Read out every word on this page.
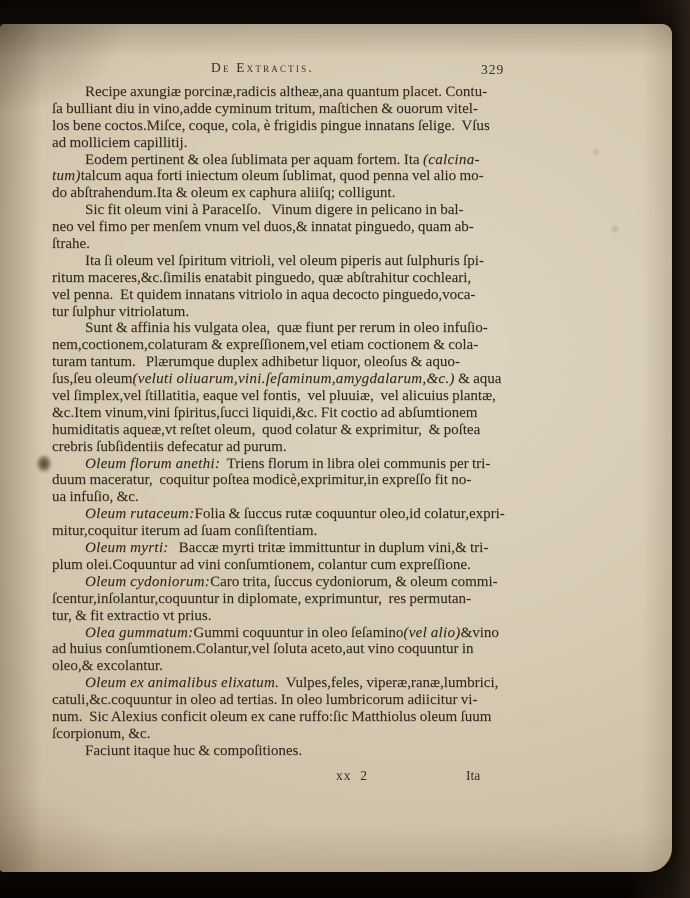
De Extractis.	329
Recipe axungiæ porcinæ,radicis altheæ,ana quantum placet. Contu-
ſa bulliant diu in vino,adde cyminum tritum, maſtichen & ouorum vitel-
los bene coctos.Miſce, coque, cola, è frigidis pingue innatans ſelige.  Vſus
ad molliciem capillitij.
Eodem pertinent & olea ſublimata per aquam fortem. Ita (calcina-
tum)talcum aqua forti iniectum oleum ſublimat, quod penna vel alio mo-
do abſtrahendum.Ita & oleum ex caphura aliiſq; colligunt.
Sic fit oleum vini à Paracelſo.   Vinum digere in pelicano in bal-
neo vel fimo per menſem vnum vel duos,& innatat pinguedo, quam ab-
ſtrahe.
Ita ſi oleum vel ſpiritum vitrioli, vel oleum piperis aut ſulphuris ſpi-
ritum maceres,&c.ſimilis enatabit pinguedo, quæ abſtrahitur cochleari,
vel penna.  Et quidem innatans vitriolo in aqua decocto pinguedo,voca-
tur ſulphur vitriolatum.
Sunt & affinia his vulgata olea,  quæ fiunt per rerum in oleo infuſio-
nem,coctionem,colaturam & expreſſionem,vel etiam coctionem & cola-
turam tantum.   Plærumque duplex adhibetur liquor, oleoſus & aquo-
ſus,ſeu oleum(veluti oliuarum,vini.ſeſaminum,amygdalarum,&c.) & aqua
vel ſimplex,vel ſtillatitia, eaque vel fontis,  vel pluuiæ,  vel alicuius plantæ,
&c.Item vinum,vini ſpiritus,ſucci liquidi,&c. Fit coctio ad abſumtionem
humiditatis aqueæ,vt reſtet oleum,  quod colatur & exprimitur,  & poſtea
crebris ſubſidentiis defecatur ad purum.
Oleum florum anethi:  Triens florum in libra olei communis per tri-
duum maceratur,  coquitur poſtea modicè,exprimitur,in expreſſo fit no-
ua infuſio, &c.
Oleum rutaceum:Folia & ſuccus rutæ coquuntur oleo,id colatur,expri-
mitur,coquitur iterum ad ſuam conſiſtentiam.
Oleum myrti:   Baccæ myrti tritæ immittuntur in duplum vini,& tri-
plum olei.Coquuntur ad vini conſumtionem, colantur cum expreſſione.
Oleum cydoniorum:Caro trita, ſuccus cydoniorum, & oleum commi-
ſcentur,inſolantur,coquuntur in diplomate, exprimuntur,  res permutan-
tur, & fit extractio vt prius.
Olea gummatum:Gummi coquuntur in oleo ſeſamino(vel alio)&vino
ad huius conſumtionem.Colantur,vel ſoluta aceto,aut vino coquuntur in
oleo,& excolantur.
Oleum ex animalibus elixatum.  Vulpes,feles, viperæ,ranæ,lumbrici,
catuli,&c.coquuntur in oleo ad tertias. In oleo lumbricorum adiicitur vi-
num.  Sic Alexius conficit oleum ex cane ruffo:ſic Matthiolus oleum ſuum
ſcorpionum, &c.
Faciunt itaque huc & compoſitiones.
xx  2	Ita
